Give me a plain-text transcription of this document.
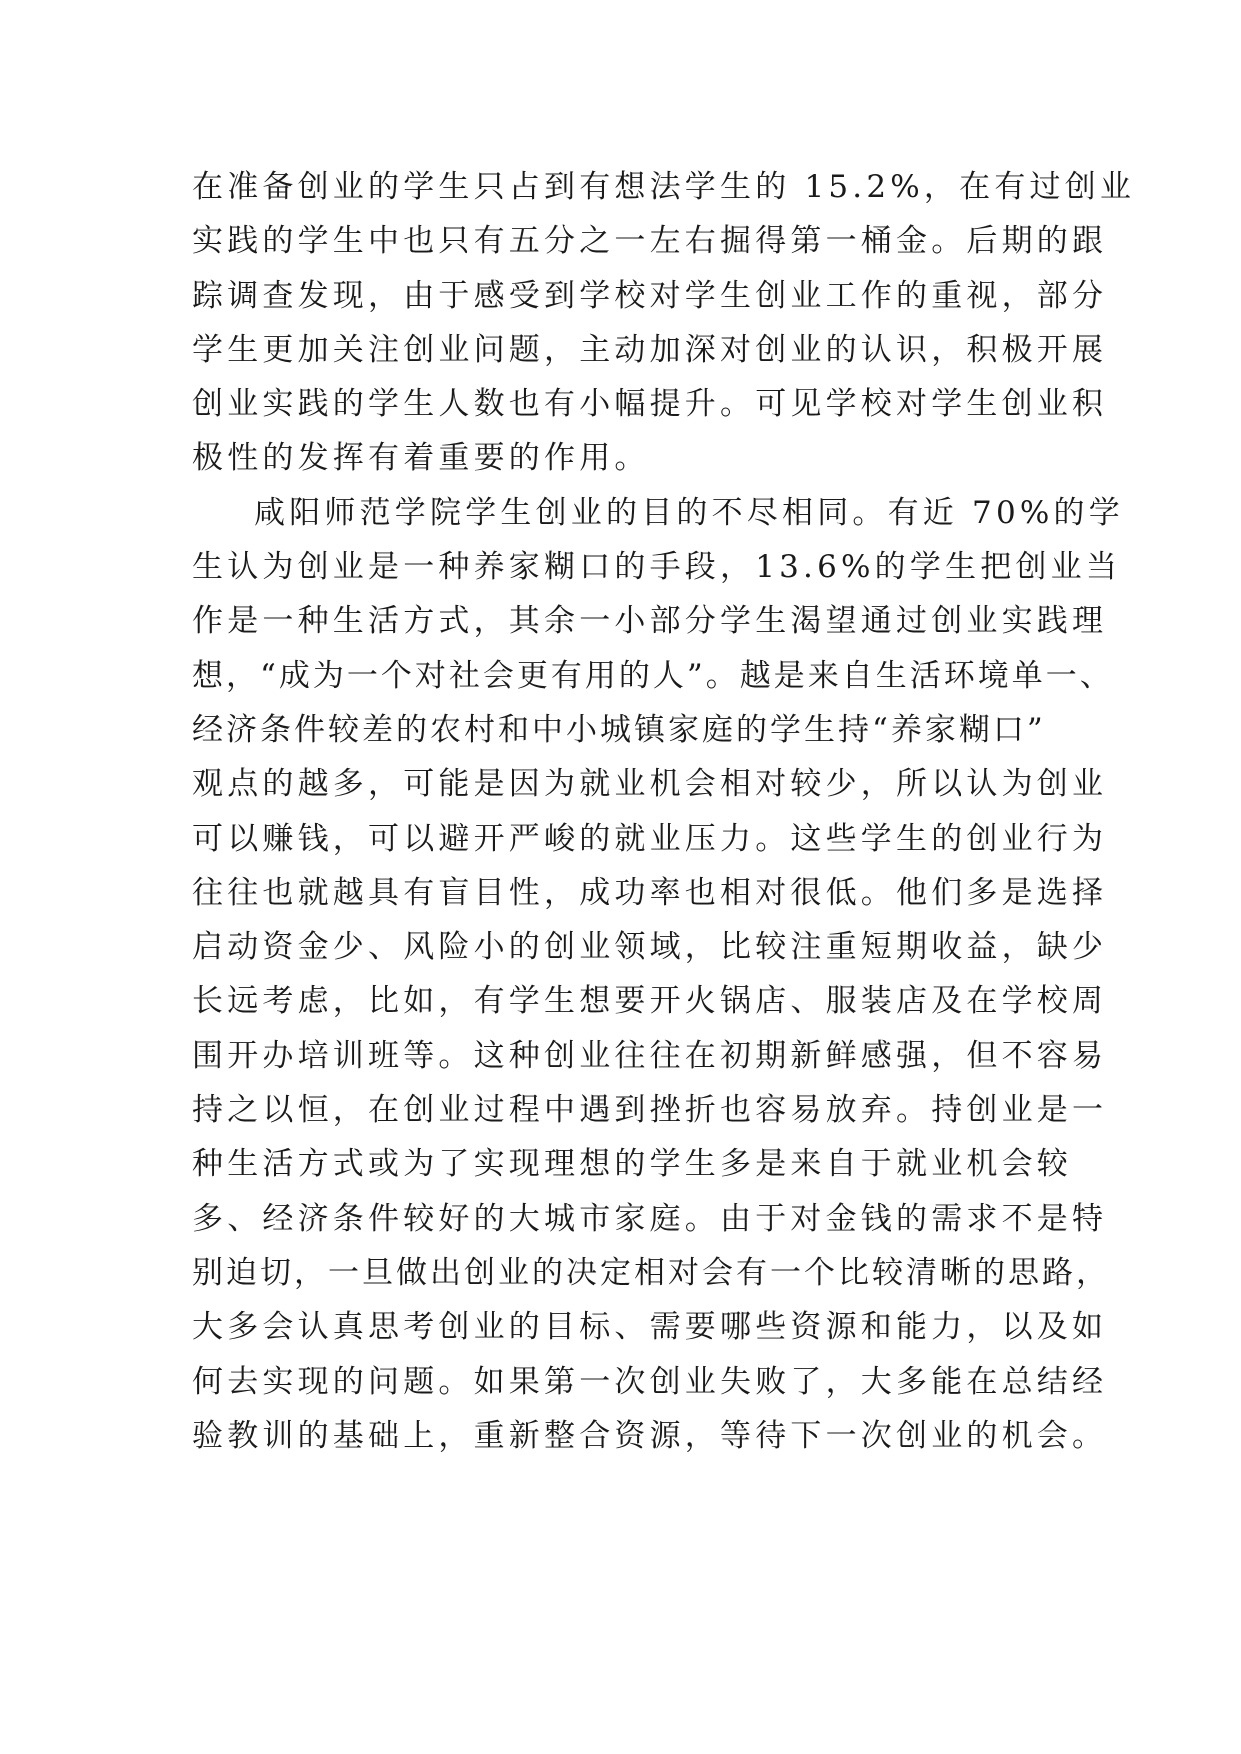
在准备创业的学生只占到有想法学生的 15.2%，在有过创业
实践的学生中也只有五分之一左右掘得第一桶金。后期的跟
踪调查发现，由于感受到学校对学生创业工作的重视，部分
学生更加关注创业问题，主动加深对创业的认识，积极开展
创业实践的学生人数也有小幅提升。可见学校对学生创业积
极性的发挥有着重要的作用。
咸阳师范学院学生创业的目的不尽相同。有近 70%的学
生认为创业是一种养家糊口的手段，13.6%的学生把创业当
作是一种生活方式，其余一小部分学生渴望通过创业实践理
想，“成为一个对社会更有用的人”。越是来自生活环境单一、
经济条件较差的农村和中小城镇家庭的学生持“养家糊口”
观点的越多，可能是因为就业机会相对较少，所以认为创业
可以赚钱，可以避开严峻的就业压力。这些学生的创业行为
往往也就越具有盲目性，成功率也相对很低。他们多是选择
启动资金少、风险小的创业领域，比较注重短期收益，缺少
长远考虑，比如，有学生想要开火锅店、服装店及在学校周
围开办培训班等。这种创业往往在初期新鲜感强，但不容易
持之以恒，在创业过程中遇到挫折也容易放弃。持创业是一
种生活方式或为了实现理想的学生多是来自于就业机会较
多、经济条件较好的大城市家庭。由于对金钱的需求不是特
别迫切，一旦做出创业的决定相对会有一个比较清晰的思路，
大多会认真思考创业的目标、需要哪些资源和能力，以及如
何去实现的问题。如果第一次创业失败了，大多能在总结经
验教训的基础上，重新整合资源，等待下一次创业的机会。
